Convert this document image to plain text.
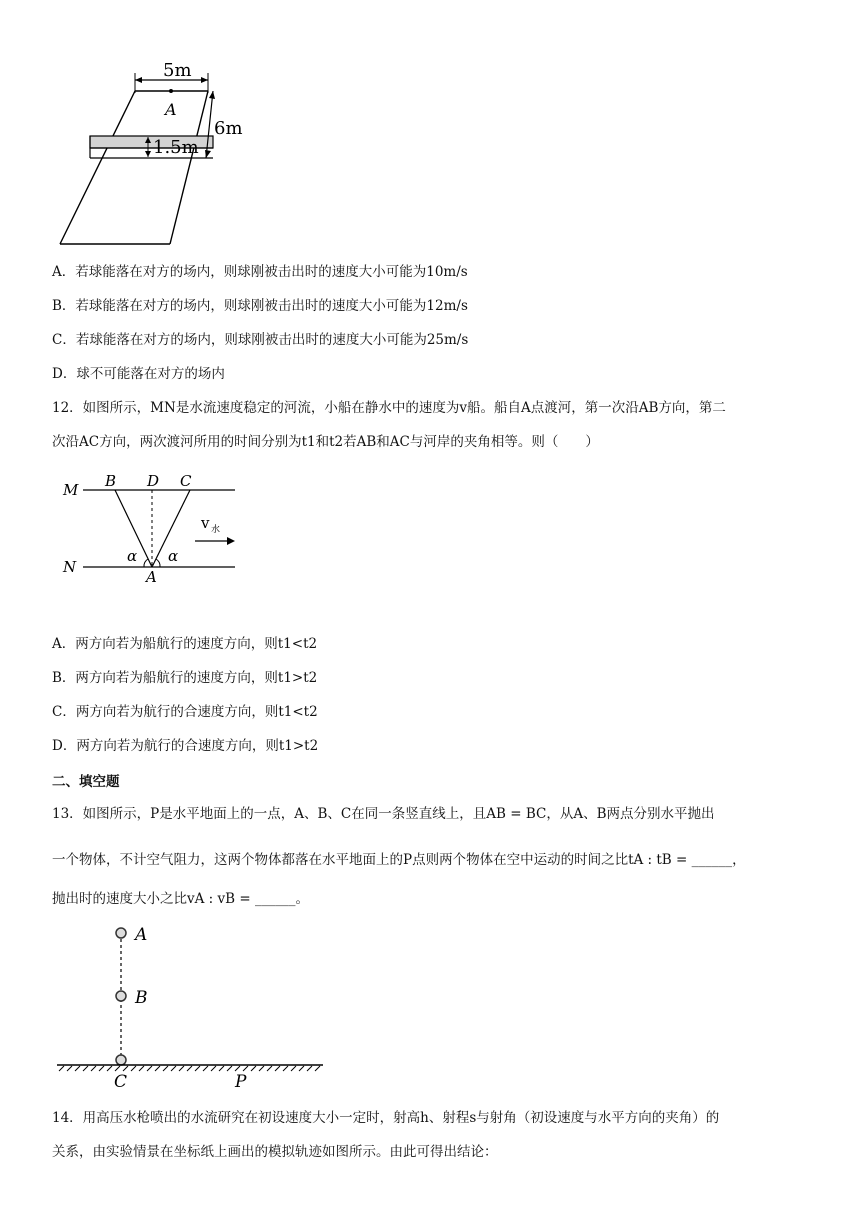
5m
A
1.5m
6m
A．若球能落在对方的场内，则球刚被击出时的速度大小可能为10m/s
B．若球能落在对方的场内，则球刚被击出时的速度大小可能为12m/s
C．若球能落在对方的场内，则球刚被击出时的速度大小可能为25m/s
D．球不可能落在对方的场内
12．如图所示，MN是水流速度稳定的河流，小船在静水中的速度为v船。船自A点渡河，第一次沿AB方向，第二
次沿AC方向，两次渡河所用的时间分别为t1和t2若AB和AC与河岸的夹角相等。则（　　）
M
N
B D C
α α
A
v 水
A．两方向若为船航行的速度方向，则t1<t2
B．两方向若为船航行的速度方向，则t1>t2
C．两方向若为航行的合速度方向，则t1<t2
D．两方向若为航行的合速度方向，则t1>t2
二、填空题
13．如图所示，P是水平地面上的一点，A、B、C在同一条竖直线上，且AB = BC，从A、B两点分别水平抛出
一个物体，不计空气阻力，这两个物体都落在水平地面上的P点则两个物体在空中运动的时间之比tA : tB = ______，
抛出时的速度大小之比vA : vB = ______。
A
B
C	P
14．用高压水枪喷出的水流研究在初设速度大小一定时，射高h、射程s与射角（初设速度与水平方向的夹角）的
关系，由实验情景在坐标纸上画出的模拟轨迹如图所示。由此可得出结论：
